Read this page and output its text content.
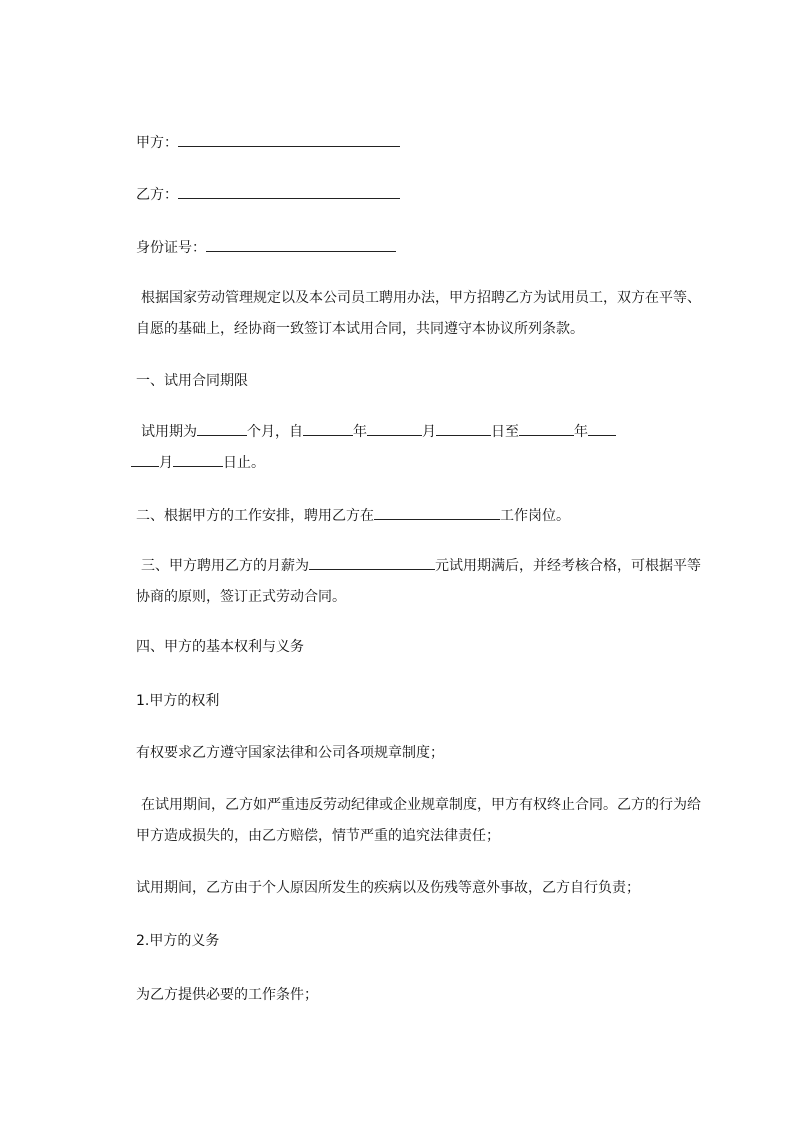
甲方：
乙方：
身份证号：
根据国家劳动管理规定以及本公司员工聘用办法，甲方招聘乙方为试用员工，双方在平等、自愿的基础上，经协商一致签订本试用合同，共同遵守本协议所列条款。
一、试用合同期限
试用期为	个月，自	年	月	日至	年
月	日止。
二、根据甲方的工作安排，聘用乙方在	工作岗位。
三、甲方聘用乙方的月薪为	元试用期满后，并经考核合格，可根据平等协商的原则，签订正式劳动合同。
四、甲方的基本权利与义务
1.甲方的权利
有权要求乙方遵守国家法律和公司各项规章制度；
在试用期间，乙方如严重违反劳动纪律或企业规章制度，甲方有权终止合同。乙方的行为给甲方造成损失的，由乙方赔偿，情节严重的追究法律责任；
试用期间，乙方由于个人原因所发生的疾病以及伤残等意外事故，乙方自行负责；
2.甲方的义务
为乙方提供必要的工作条件；
